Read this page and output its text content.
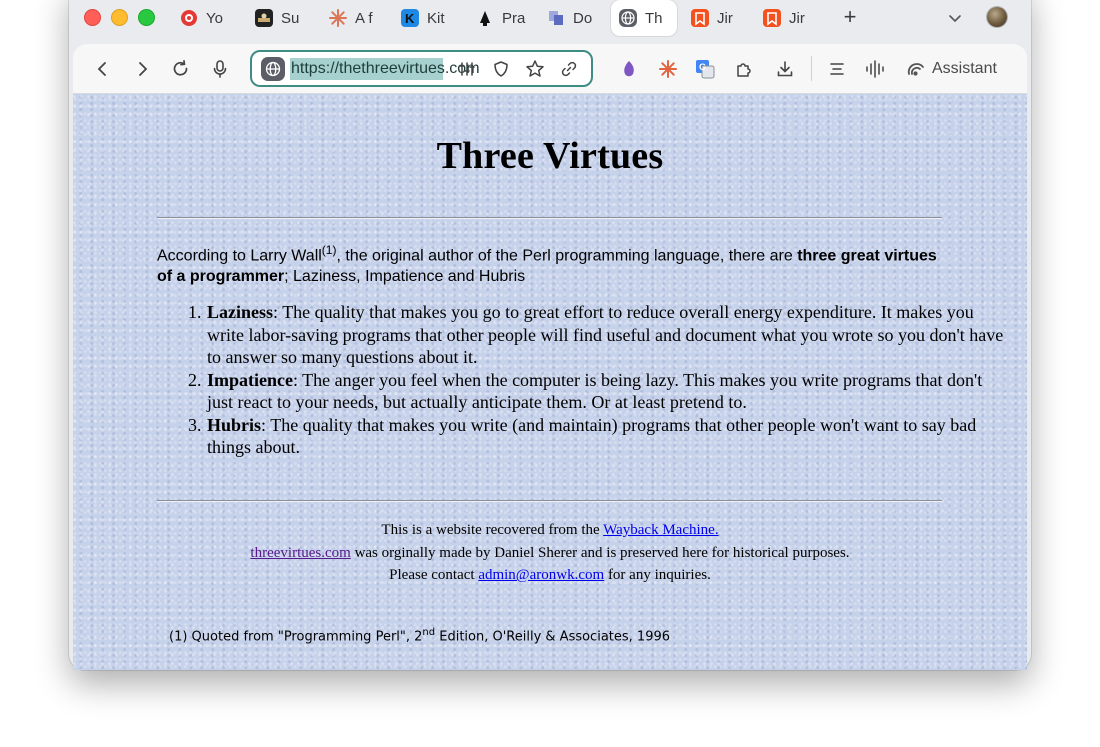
Yo	Su	A f K Kit	Pra	Do	Th	Jir	Jir +
https://thethreevirtues.com	G	Assistant
Three Virtues
According to Larry Wall$^{(1)}$, the original author of the Perl programming language, there are three great virtues of a programmer; Laziness, Impatience and Hubris
1. Laziness: The quality that makes you go to great effort to reduce overall energy expenditure. It makes you write labor-saving programs that other people will find useful and document what you wrote so you don't have to answer so many questions about it.
2. Impatience: The anger you feel when the computer is being lazy. This makes you write programs that don't just react to your needs, but actually anticipate them. Or at least pretend to.
3. Hubris: The quality that makes you write (and maintain) programs that other people won't want to say bad things about.
This is a website recovered from the Wayback Machine.
threevirtues.com was orginally made by Daniel Sherer and is preserved here for historical purposes.
Please contact admin@aronwk.com for any inquiries.
(1) Quoted from "Programming Perl", 2nd Edition, O'Reilly & Associates, 1996
